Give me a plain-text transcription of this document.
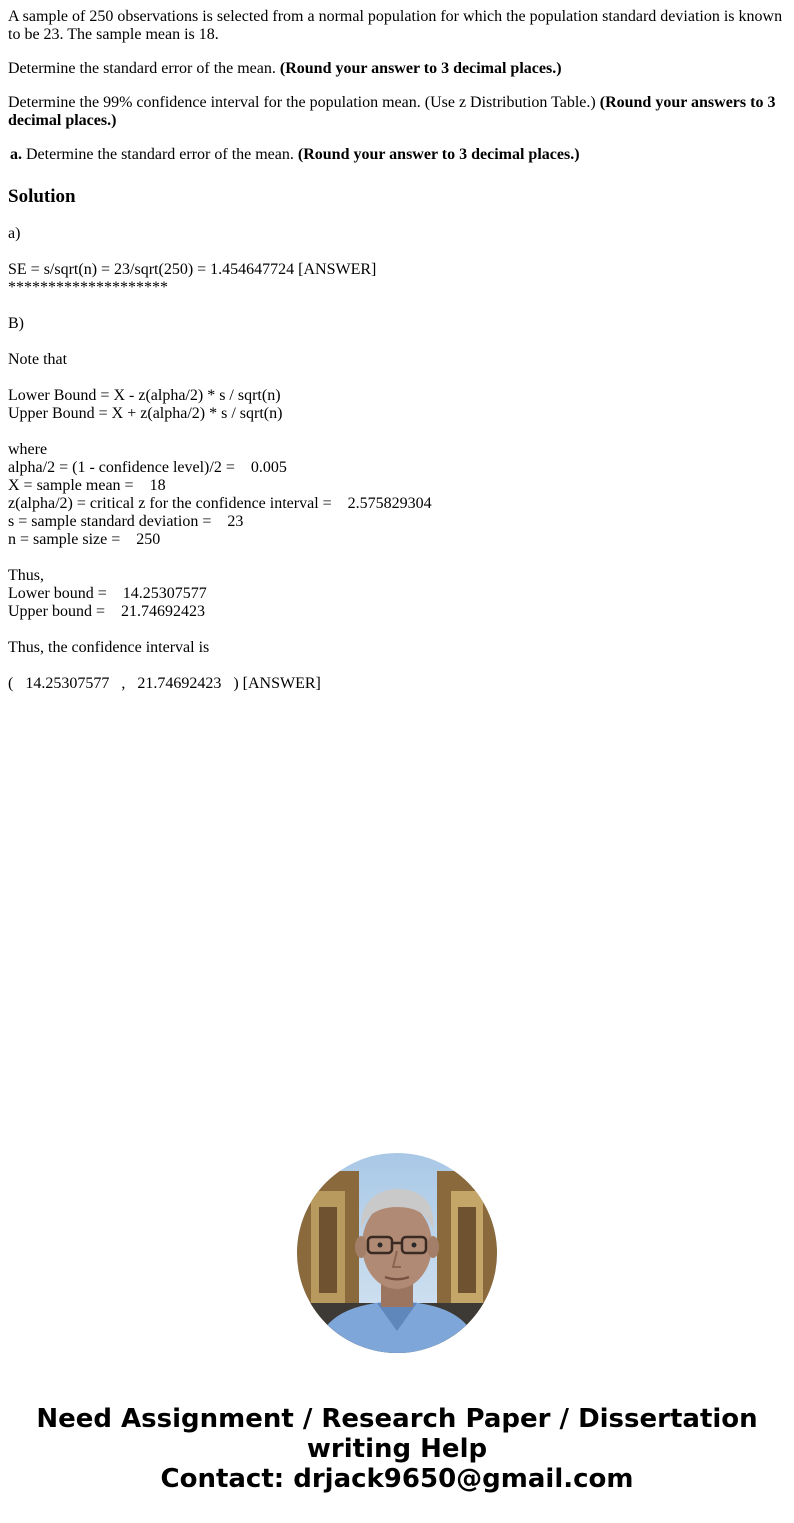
A sample of 250 observations is selected from a normal population for which the population standard deviation is known to be 23. The sample mean is 18.

Determine the standard error of the mean. (Round your answer to 3 decimal places.)

Determine the 99% confidence interval for the population mean. (Use z Distribution Table.) (Round your answers to 3 decimal places.)

a. Determine the standard error of the mean. (Round your answer to 3 decimal places.)
Solution
a)
SE = s/sqrt(n) = 23/sqrt(250) = 1.454647724 [ANSWER]
********************
B)
Note that
Lower Bound = X - z(alpha/2) * s / sqrt(n)
Upper Bound = X + z(alpha/2) * s / sqrt(n)
where
alpha/2 = (1 - confidence level)/2 =    0.005
X = sample mean =    18
z(alpha/2) = critical z for the confidence interval =    2.575829304
s = sample standard deviation =    23
n = sample size =    250
Thus,
Lower bound =    14.25307577
Upper bound =    21.74692423
Thus, the confidence interval is
(   14.25307577   ,   21.74692423   ) [ANSWER]
Need Assignment / Research Paper / Dissertation
writing Help
Contact: drjack9650@gmail.com
